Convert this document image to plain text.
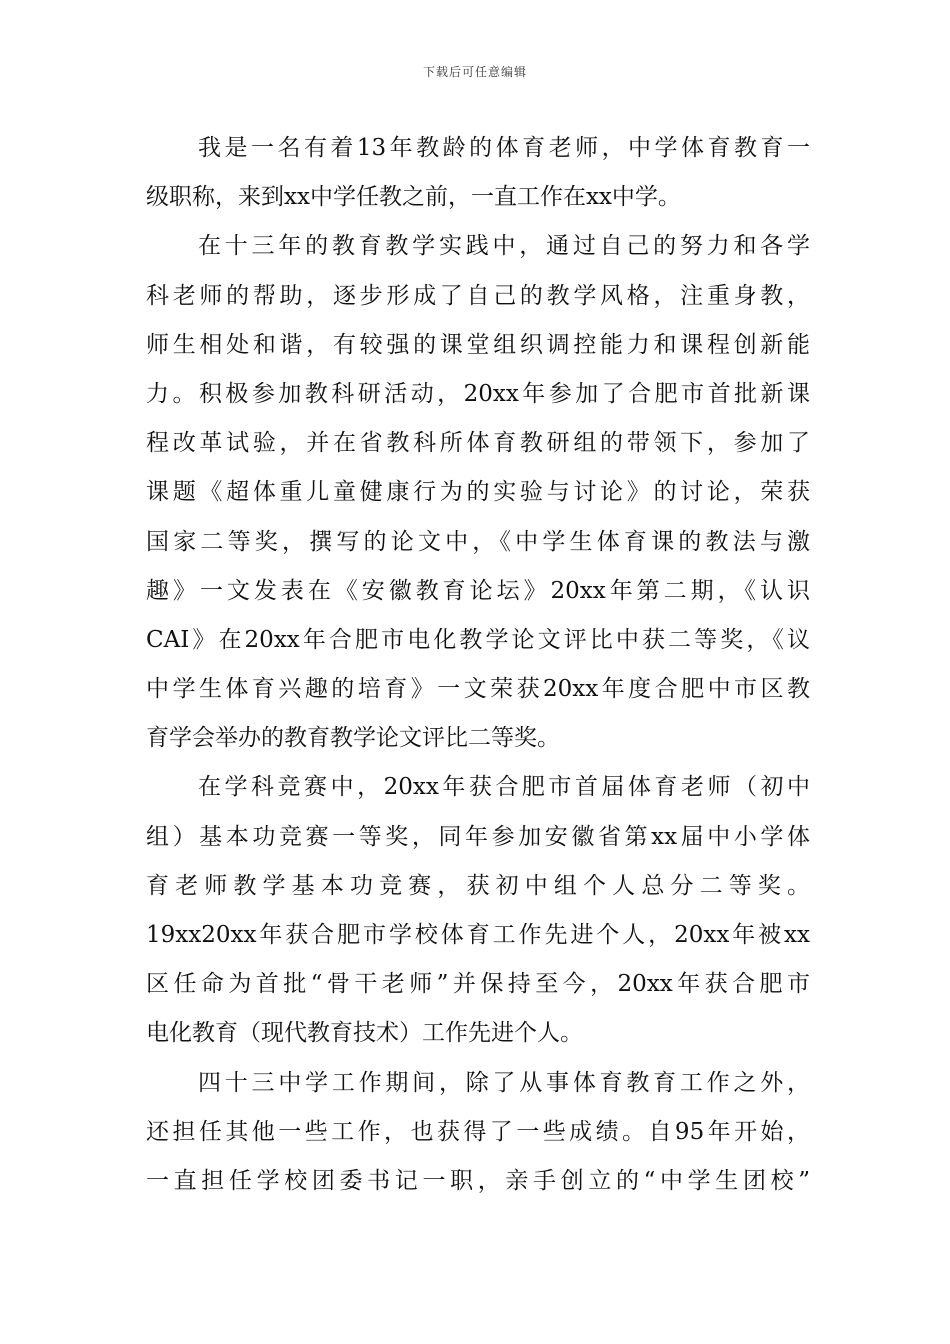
下载后可任意编辑
我是一名有着13年教龄的体育老师，中学体育教育一
级职称，来到xx中学任教之前，一直工作在xx中学。
在十三年的教育教学实践中，通过自己的努力和各学
科老师的帮助，逐步形成了自己的教学风格，注重身教，
师生相处和谐，有较强的课堂组织调控能力和课程创新能
力。积极参加教科研活动，20xx年参加了合肥市首批新课
程改革试验，并在省教科所体育教研组的带领下，参加了
课题《超体重儿童健康行为的实验与讨论》的讨论，荣获
国家二等奖，撰写的论文中，《中学生体育课的教法与激
趣》一文发表在《安徽教育论坛》20xx年第二期，《认识
CAI》在20xx年合肥市电化教学论文评比中获二等奖，《议
中学生体育兴趣的培育》一文荣获20xx年度合肥中市区教
育学会举办的教育教学论文评比二等奖。
在学科竞赛中，20xx年获合肥市首届体育老师（初中
组）基本功竞赛一等奖，同年参加安徽省第xx届中小学体
育老师教学基本功竞赛，获初中组个人总分二等奖。
19xx20xx年获合肥市学校体育工作先进个人，20xx年被xx
区任命为首批“骨干老师”并保持至今，20xx年获合肥市
电化教育（现代教育技术）工作先进个人。
四十三中学工作期间，除了从事体育教育工作之外，
还担任其他一些工作，也获得了一些成绩。自95年开始，
一直担任学校团委书记一职，亲手创立的“中学生团校”
